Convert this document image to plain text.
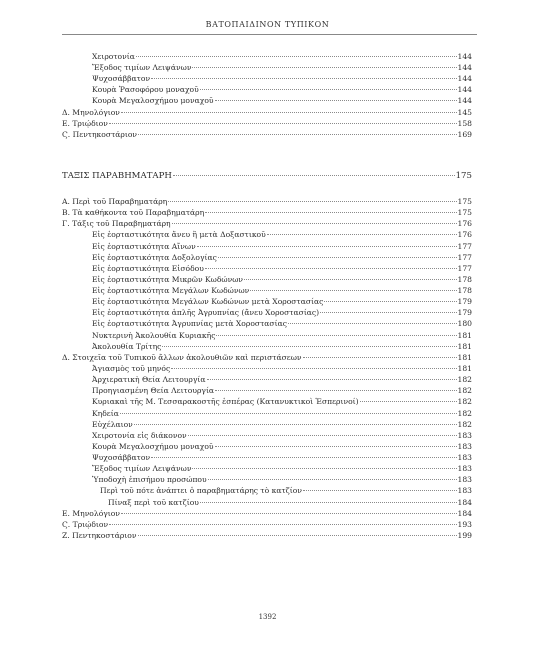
ΒΑΤΟΠΑΙΔΙΝΟΝ ΤΥΠΙΚΟΝ
Χειροτονία	144
Ἔξοδος τιμίων Λειψάνων	144
Ψυχοσάββατον	144
Κουρὰ Ῥασοφόρου μοναχοῦ	144
Κουρὰ Μεγαλοσχήμου μοναχοῦ	144
Δ. Μηνολόγιον	145
Ε. Τριῴδιον	158
Ϛ. Πεντηκοστάριον	169
ΤΑΞΙΣ ΠΑΡΑΒΗΜΑΤΑΡΗ	175
Α. Περὶ τοῦ Παραβηματάρη	175
Β. Τὰ καθήκοντα τοῦ Παραβηματάρη	175
Γ. Τάξις τοῦ Παραβηματάρη	176
Εἰς ἑορταστικότητα ἄνευ ἢ μετὰ Δοξαστικοῦ	176
Εἰς ἑορταστικότητα Αἴνων	177
Εἰς ἑορταστικότητα Δοξολογίας	177
Εἰς ἑορταστικότητα Εἰσόδου	177
Εἰς ἑορταστικότητα Μικρῶν Κωδώνων	178
Εἰς ἑορταστικότητα Μεγάλων Κωδώνων	178
Εἰς ἑορταστικότητα Μεγάλων Κωδώνων μετὰ Χοροστασίας	179
Εἰς ἑορταστικότητα ἁπλῆς Ἀγρυπνίας (ἄνευ Χοροστασίας)	179
Εἰς ἑορταστικότητα Ἀγρυπνίας μετὰ Χοροστασίας	180
Νυκτερινὴ Ἀκολουθία Κυριακῆς	181
Ἀκολουθία Τρίτης	181
Δ. Στοιχεῖα τοῦ Τυπικοῦ ἄλλων ἀκολουθιῶν καὶ περιστάσεων	181
Ἁγιασμὸς τοῦ μηνός	181
Ἀρχιερατικὴ Θεία Λειτουργία	182
Προηγιασμένη Θεία Λειτουργία	182
Κυριακαὶ τῆς Μ. Τεσσαρακοστῆς ἑσπέρας (Κατανυκτικοὶ Ἑσπερινοί)	182
Κηδεία	182
Εὐχέλαιον	182
Χειροτονία εἰς διάκονον	183
Κουρὰ Μεγαλοσχήμου μοναχοῦ	183
Ψυχοσάββατον	183
Ἔξοδος τιμίων Λειψάνων	183
Ὑποδοχὴ ἐπισήμου προσώπου	183
Περὶ τοῦ πότε ἀνάπτει ὁ παραβηματάρης τὸ κατζίον	183
Πίναξ περὶ τοῦ κατζίου	184
Ε. Μηνολόγιον	184
Ϛ. Τριῴδιον	193
Ζ. Πεντηκοστάριον	199
1392
